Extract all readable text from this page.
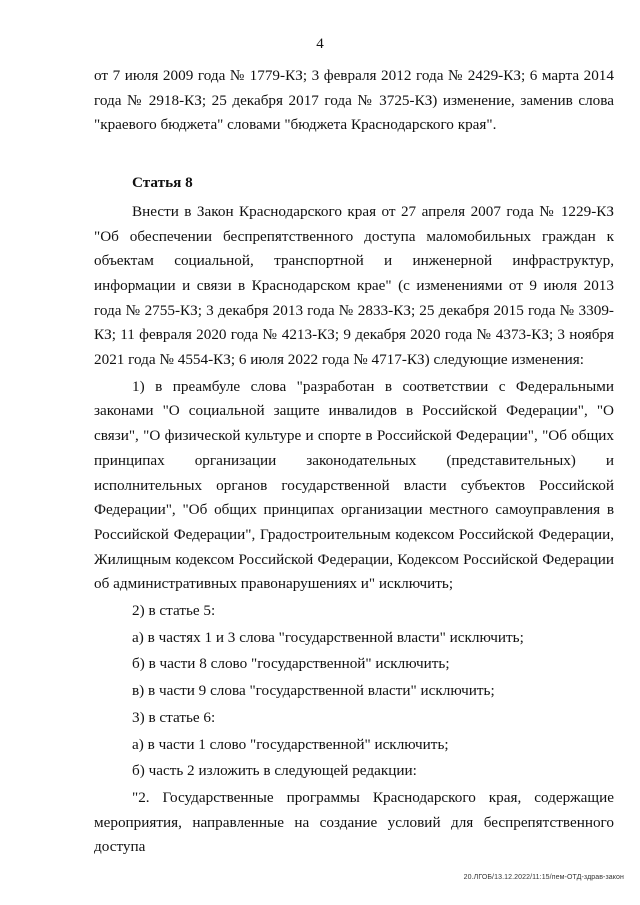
4

от 7 июля 2009 года № 1779-КЗ; 3 февраля 2012 года № 2429-КЗ; 6 марта 2014 года № 2918-КЗ; 25 декабря 2017 года № 3725-КЗ) изменение, заменив слова "краевого бюджета" словами "бюджета Краснодарского края".

Статья 8

Внести в Закон Краснодарского края от 27 апреля 2007 года № 1229-КЗ "Об обеспечении беспрепятственного доступа маломобильных граждан к объектам социальной, транспортной и инженерной инфраструктур, информации и связи в Краснодарском крае" (с изменениями от 9 июля 2013 года № 2755-КЗ; 3 декабря 2013 года № 2833-КЗ; 25 декабря 2015 года № 3309-КЗ; 11 февраля 2020 года № 4213-КЗ; 9 декабря 2020 года № 4373-КЗ; 3 ноября 2021 года № 4554-КЗ; 6 июля 2022 года № 4717-КЗ) следующие изменения:

1) в преамбуле слова "разработан в соответствии с Федеральными законами "О социальной защите инвалидов в Российской Федерации", "О связи", "О физической культуре и спорте в Российской Федерации", "Об общих принципах организации законодательных (представительных) и исполнительных органов государственной власти субъектов Российской Федерации", "Об общих принципах организации местного самоуправления в Российской Федерации", Градостроительным кодексом Российской Федерации, Жилищным кодексом Российской Федерации, Кодексом Российской Федерации об административных правонарушениях и" исключить;

2) в статье 5:

а) в частях 1 и 3 слова "государственной власти" исключить;

б) в части 8 слово "государственной" исключить;

в) в части 9 слова "государственной власти" исключить;

3) в статье 6:

а) в части 1 слово "государственной" исключить;

б) часть 2 изложить в следующей редакции:

"2. Государственные программы Краснодарского края, содержащие мероприятия, направленные на создание условий для беспрепятственного доступа

20.ЛГОБ/13.12.2022/11:15/пем-ОТД-здрав-закон
